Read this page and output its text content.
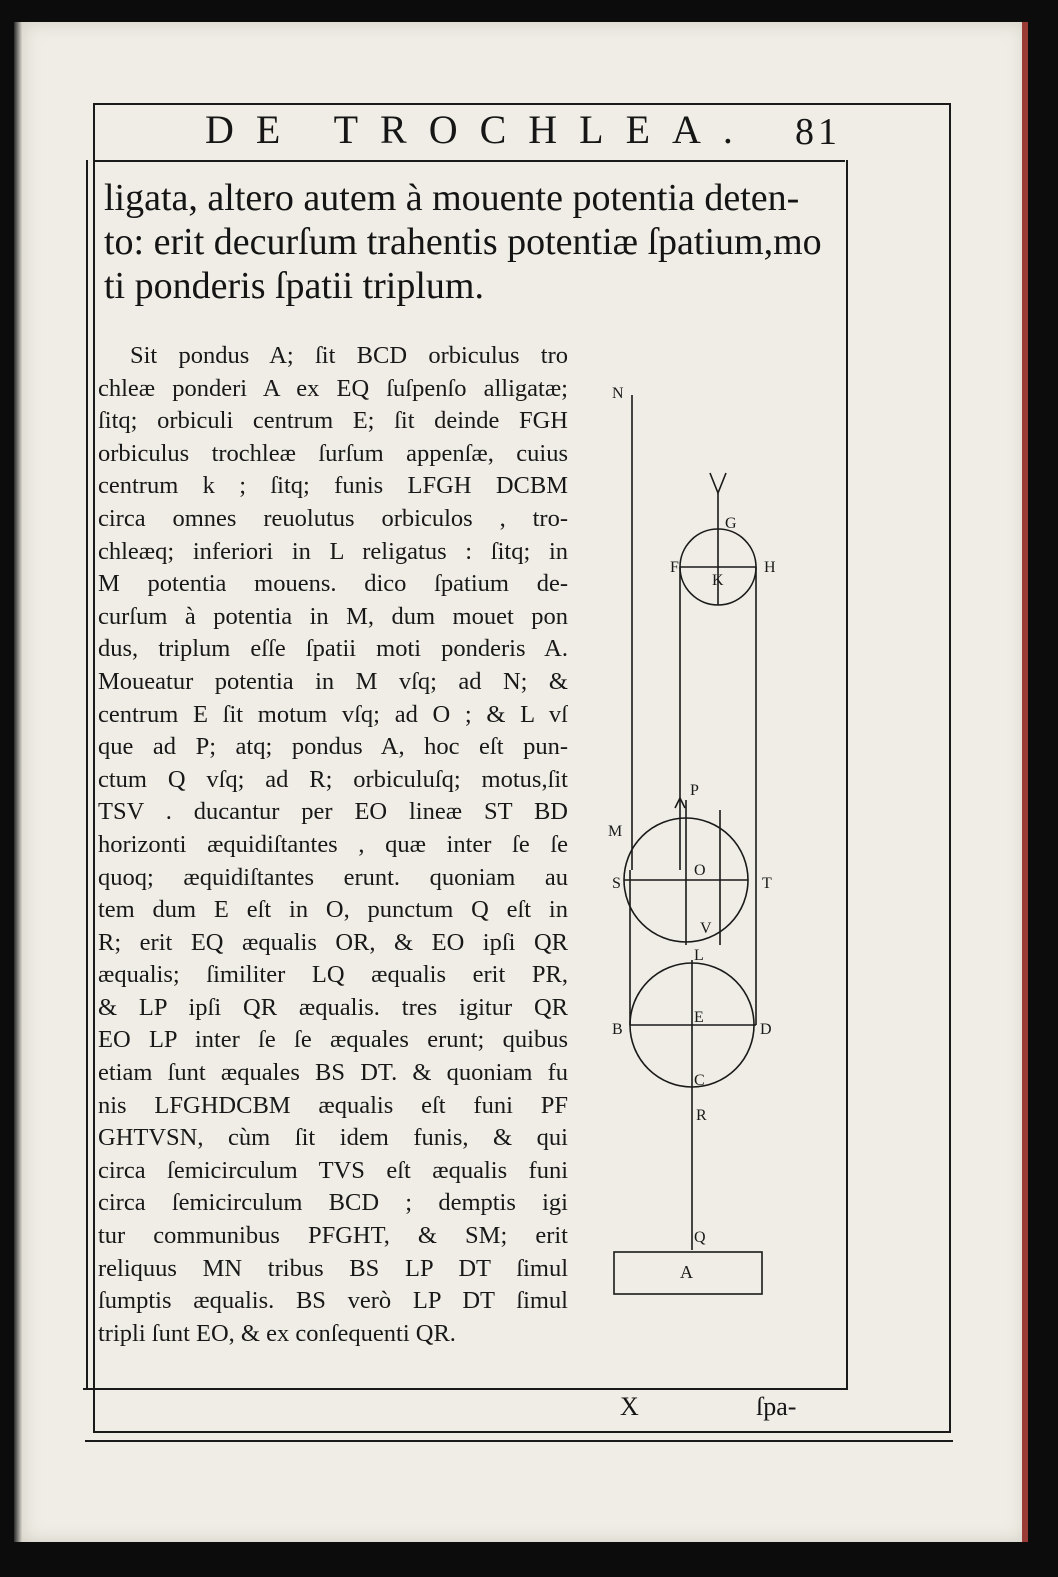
DE TROCHLEA. 81
ligata, altero autem à mouente potentia deten-
to: erit decurſum trahentis potentiæ ſpatium,mo
ti ponderis ſpatii triplum.
Sit pondus A; ſit BCD orbiculus tro
chleæ ponderi A ex EQ ſuſpenſo alligatæ;
ſitq; orbiculi centrum E; ſit deinde FGH
orbiculus trochleæ ſurſum appenſæ, cuius
centrum k ; ſitq; funis LFGH DCBM
circa omnes reuolutus orbiculos , tro-
chleæq; inferiori in L religatus : ſitq; in
M potentia mouens. dico ſpatium de-
curſum à potentia in M, dum mouet pon
dus, triplum eſſe ſpatii moti ponderis A.
Moueatur potentia in M vſq; ad N; &
centrum E ſit motum vſq; ad O ; & L vſ
que ad P; atq; pondus A, hoc eſt pun-
ctum Q vſq; ad R; orbiculuſq; motus,ſit
TSV . ducantur per EO lineæ ST BD
horizonti æquidiſtantes , quæ inter ſe ſe
quoq; æquidiſtantes erunt. quoniam au
tem dum E eſt in O, punctum Q eſt in
R; erit EQ æqualis OR, & EO ipſi QR
æqualis; ſimiliter LQ æqualis erit PR,
& LP ipſi QR æqualis. tres igitur QR
EO LP inter ſe ſe æquales erunt; quibus
etiam ſunt æquales BS DT. & quoniam fu
nis LFGHDCBM æqualis eſt funi PF
GHTVSN, cùm ſit idem funis, & qui
circa ſemicirculum TVS eſt æqualis funi
circa ſemicirculum BCD ; demptis igi
tur communibus PFGHT, & SM; erit
reliquus MN tribus BS LP DT ſimul
ſumptis æqualis. BS verò LP DT ſimul
tripli ſunt EO, & ex conſequenti QR.
N
G
F	H
K
P
M
O
S	T
V
L
B
E
D
C
R
Q
A
X	ſpa-
